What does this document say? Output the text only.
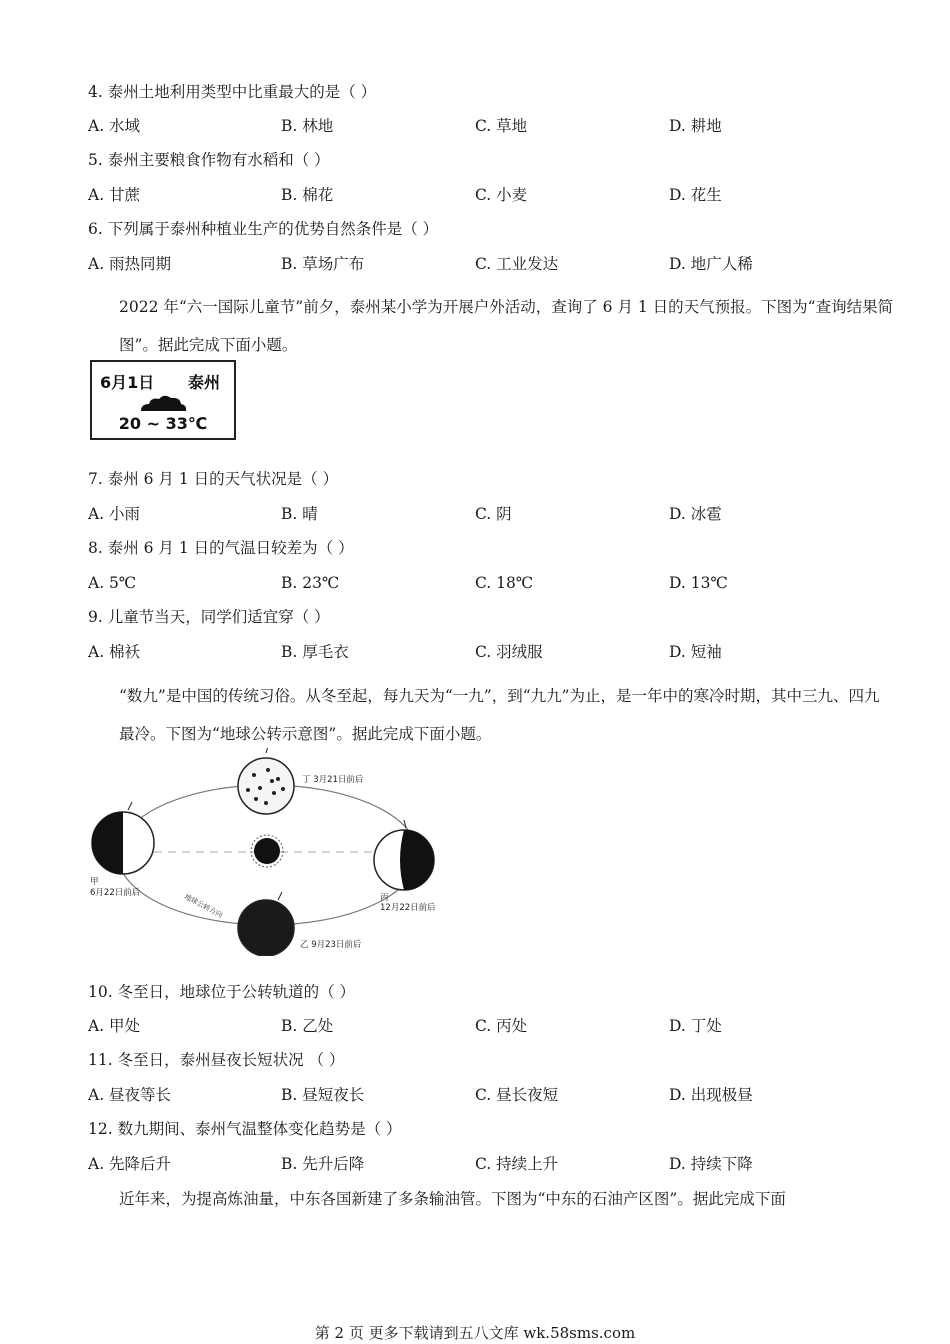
4. 泰州土地利用类型中比重最大的是（ ）
A. 水域	B. 林地	C. 草地	D. 耕地
5. 泰州主要粮食作物有水稻和（ ）
A. 甘蔗	B. 棉花	C. 小麦	D. 花生
6. 下列属于泰州种植业生产的优势自然条件是（ ）
A. 雨热同期	B. 草场广布	C. 工业发达	D. 地广人稀
2022 年“六一国际儿童节”前夕，泰州某小学为开展户外活动，查询了 6 月 1 日的天气预报。下图为“查询结果简图”。据此完成下面小题。
6月1日 泰州
20 ~ 33℃
7. 泰州 6 月 1 日的天气状况是（ ）
A. 小雨	B. 晴	C. 阴	D. 冰雹
8. 泰州 6 月 1 日的气温日较差为（ ）
A. 5℃	B. 23℃	C. 18℃	D. 13℃
9. 儿童节当天，同学们适宜穿（ ）
A. 棉袄	B. 厚毛衣	C. 羽绒服	D. 短袖
“数九”是中国的传统习俗。从冬至起，每九天为“一九”，到“九九”为止，是一年中的寒冷时期，其中三九、四九最冷。下图为“地球公转示意图”。据此完成下面小题。
丁 3月21日前后
甲
6月22日前后	丙
12月22日前后
乙 9月23日前后
地球公转方向
10. 冬至日，地球位于公转轨道的（ ）
A. 甲处	B. 乙处	C. 丙处	D. 丁处
11. 冬至日，泰州昼夜长短状况 （ ）
A. 昼夜等长	B. 昼短夜长	C. 昼长夜短	D. 出现极昼
12. 数九期间、泰州气温整体变化趋势是（ ）
A. 先降后升	B. 先升后降	C. 持续上升	D. 持续下降
近年来，为提高炼油量，中东各国新建了多条输油管。下图为“中东的石油产区图”。据此完成下面
第 2 页 更多下载请到五八文库 wk.58sms.com
